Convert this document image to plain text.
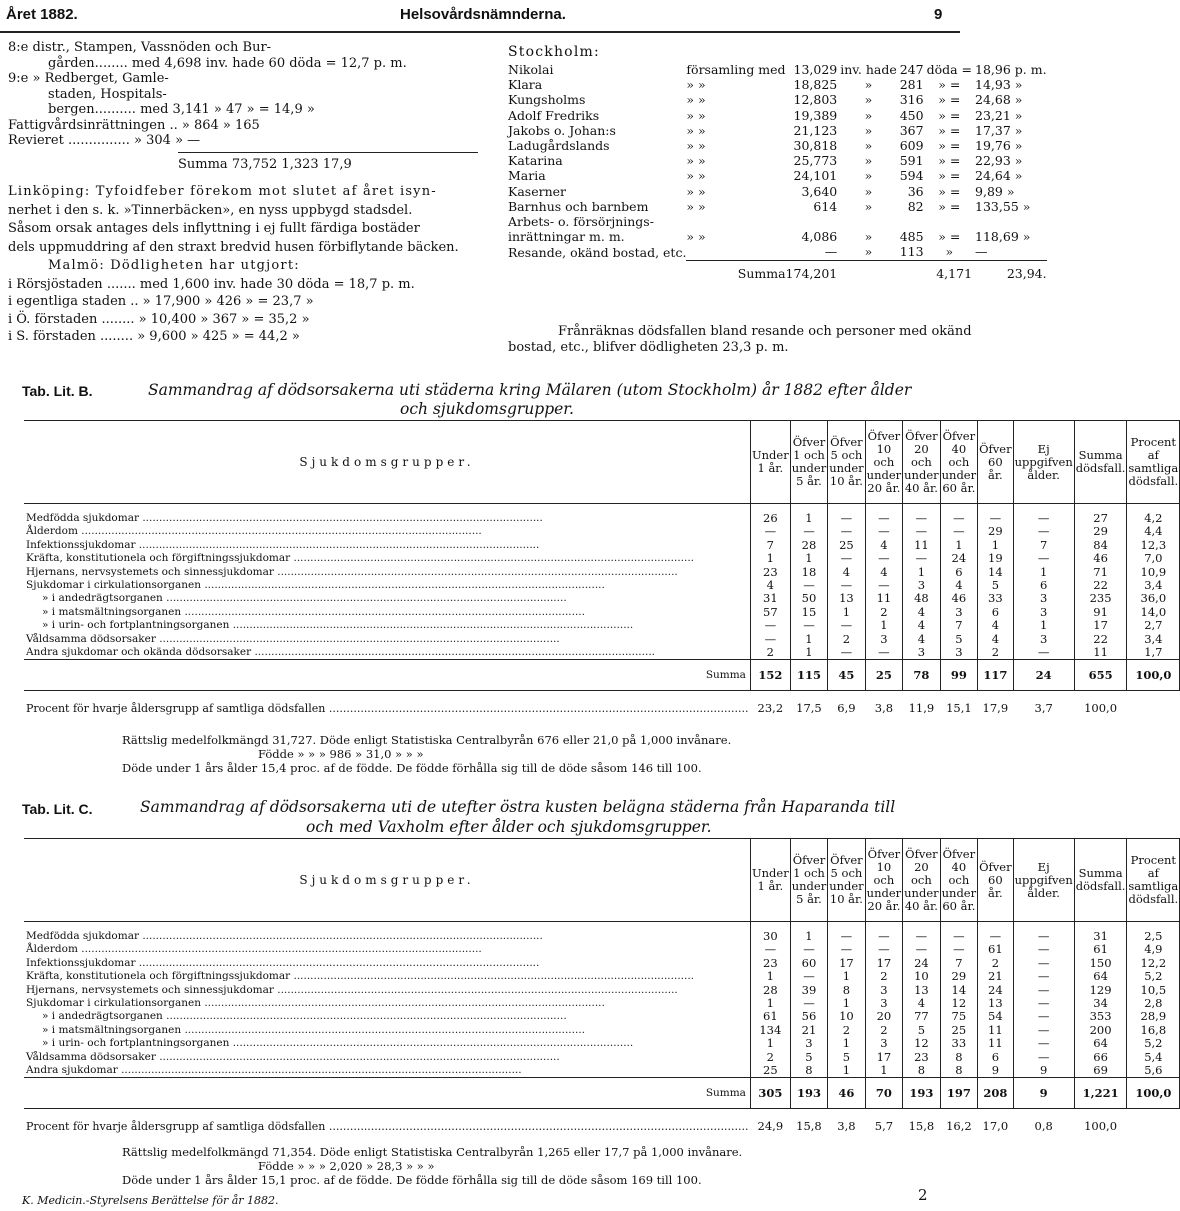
Året 1882.	Helsovårdsnämnderna.	9
8:e distr., Stampen, Vassnöden och Bur-
gården........ med 4,698 inv. hade 60 döda = 12,7 p. m.
9:e » Redberget, Gamle-
staden, Hospitals-
bergen.......... med 3,141 » 47 » = 14,9 »
Fattigvårdsinrättningen .. » 864 » 165
Revieret ............... » 304 » —
Summa 73,752 1,323 17,9
Linköping: Tyfoidfeber förekom mot slutet af året isyn-
nerhet i den s. k. »Tinnerbäcken», en nyss uppbygd stadsdel.
Såsom orsak antages dels inflyttning i ej fullt färdiga bostäder
dels uppmuddring af den straxt bredvid husen förbiflytande bäcken.
Malmö: Dödligheten har utgjort:
i Rörsjöstaden ....... med 1,600 inv. hade 30 döda = 18,7 p. m.
i egentliga staden .. » 17,900 » 426 » = 23,7 »
i Ö. förstaden ........ » 10,400 » 367 » = 35,2 »
i S. förstaden ........ » 9,600 » 425 » = 44,2 »
Stockholm:
Nikolai	församling med	13,029	inv. hade	247	döda =	18,96 p. m.
Klara	» »	18,825	»	281	» =	14,93 »
Kungsholms	» »	12,803	»	316	» =	24,68 »
Adolf Fredriks	» »	19,389	»	450	» =	23,21 »
Jakobs o. Johan:s	» »	21,123	»	367	» =	17,37 »
Ladugårdslands	» »	30,818	»	609	» =	19,76 »
Katarina	» »	25,773	»	591	» =	22,93 »
Maria	» »	24,101	»	594	» =	24,64 »
Kaserner	» »	3,640	»	36	» =	9,89 »
Barnhus och barnbem	» »	614	»	82	» =	133,55 »
Arbets- o. försörjnings-						
inrättningar m. m.	» »	4,086	»	485	» =	118,69 »
Resande, okänd bostad, etc.		—	»	113	»	—
	Summa	174,201		4,171		23,94.
Frånräknas dödsfallen bland resande och personer med okänd
bostad, etc., blifver dödligheten 23,3 p. m.
Tab. Lit. B.	Sammandrag af dödsorsakerna uti städerna kring Mälaren (utom Stockholm) år 1882 efter ålder
och sjukdomsgrupper.
Sjukdomsgrupper.	Under 1 år.	Öfver 1 och under 5 år.	Öfver 5 och under 10 år.	Öfver 10 och under 20 år.	Öfver 20 och under 40 år.	Öfver 40 och under 60 år.	Öfver 60 år.	Ej uppgifven ålder.	Summa dödsfall.	Procent af samtliga dödsfall.

Medfödda sjukdomar ........................................................................................................................	26	1	—	—	—	—	—	—	27	4,2
Ålderdom ........................................................................................................................	—	—	—	—	—	—	29	—	29	4,4
Infektionssjukdomar ........................................................................................................................	7	28	25	4	11	1	1	7	84	12,3
Kräfta, konstitutionela och förgiftningssjukdomar ........................................................................................................................	1	1	—	—	—	24	19	—	46	7,0
Hjernans, nervsystemets och sinnessjukdomar ........................................................................................................................	23	18	4	4	1	6	14	1	71	10,9
Sjukdomar i cirkulationsorganen ........................................................................................................................	4	—	—	—	3	4	5	6	22	3,4
» i andedrägtsorganen ........................................................................................................................	31	50	13	11	48	46	33	3	235	36,0
» i matsmältningsorganen ........................................................................................................................	57	15	1	2	4	3	6	3	91	14,0
» i urin- och fortplantningsorganen ........................................................................................................................	—	—	—	1	4	7	4	1	17	2,7
Våldsamma dödsorsaker ........................................................................................................................	—	1	2	3	4	5	4	3	22	3,4
Andra sjukdomar och okända dödsorsaker ........................................................................................................................	2	1	—	—	3	3	2	—	11	1,7
Summa	152	115	45	25	78	99	117	24	655	100,0
Procent för hvarje åldersgrupp af samtliga dödsfallen ........................................................................................................................	23,2	17,5	6,9	3,8	11,9	15,1	17,9	3,7	100,0	
Rättslig medelfolkmängd 31,727. Döde enligt Statistiska Centralbyrån 676 eller 21,0 på 1,000 invånare.
Födde » » » 986 » 31,0 » » »
Döde under 1 års ålder 15,4 proc. af de födde. De födde förhålla sig till de döde såsom 146 till 100.
Tab. Lit. C.	Sammandrag af dödsorsakerna uti de utefter östra kusten belägna städerna från Haparanda till
och med Vaxholm efter ålder och sjukdomsgrupper.
Sjukdomsgrupper.	Under 1 år.	Öfver 1 och under 5 år.	Öfver 5 och under 10 år.	Öfver 10 och under 20 år.	Öfver 20 och under 40 år.	Öfver 40 och under 60 år.	Öfver 60 år.	Ej uppgifven ålder.	Summa dödsfall.	Procent af samtliga dödsfall.

Medfödda sjukdomar ........................................................................................................................	30	1	—	—	—	—	—	—	31	2,5
Ålderdom ........................................................................................................................	—	—	—	—	—	—	61	—	61	4,9
Infektionssjukdomar ........................................................................................................................	23	60	17	17	24	7	2	—	150	12,2
Kräfta, konstitutionela och förgiftningssjukdomar ........................................................................................................................	1	—	1	2	10	29	21	—	64	5,2
Hjernans, nervsystemets och sinnessjukdomar ........................................................................................................................	28	39	8	3	13	14	24	—	129	10,5
Sjukdomar i cirkulationsorganen ........................................................................................................................	1	—	1	3	4	12	13	—	34	2,8
» i andedrägtsorganen ........................................................................................................................	61	56	10	20	77	75	54	—	353	28,9
» i matsmältningsorganen ........................................................................................................................	134	21	2	2	5	25	11	—	200	16,8
» i urin- och fortplantningsorganen ........................................................................................................................	1	3	1	3	12	33	11	—	64	5,2
Våldsamma dödsorsaker ........................................................................................................................	2	5	5	17	23	8	6	—	66	5,4
Andra sjukdomar ........................................................................................................................	25	8	1	1	8	8	9	9	69	5,6
Summa	305	193	46	70	193	197	208	9	1,221	100,0
Procent för hvarje åldersgrupp af samtliga dödsfallen ........................................................................................................................	24,9	15,8	3,8	5,7	15,8	16,2	17,0	0,8	100,0	
Rättslig medelfolkmängd 71,354. Döde enligt Statistiska Centralbyrån 1,265 eller 17,7 på 1,000 invånare.
Födde » » » 2,020 » 28,3 » » »
Döde under 1 års ålder 15,1 proc. af de födde. De födde förhålla sig till de döde såsom 169 till 100.
K. Medicin.-Styrelsens Berättelse för år 1882.	2
